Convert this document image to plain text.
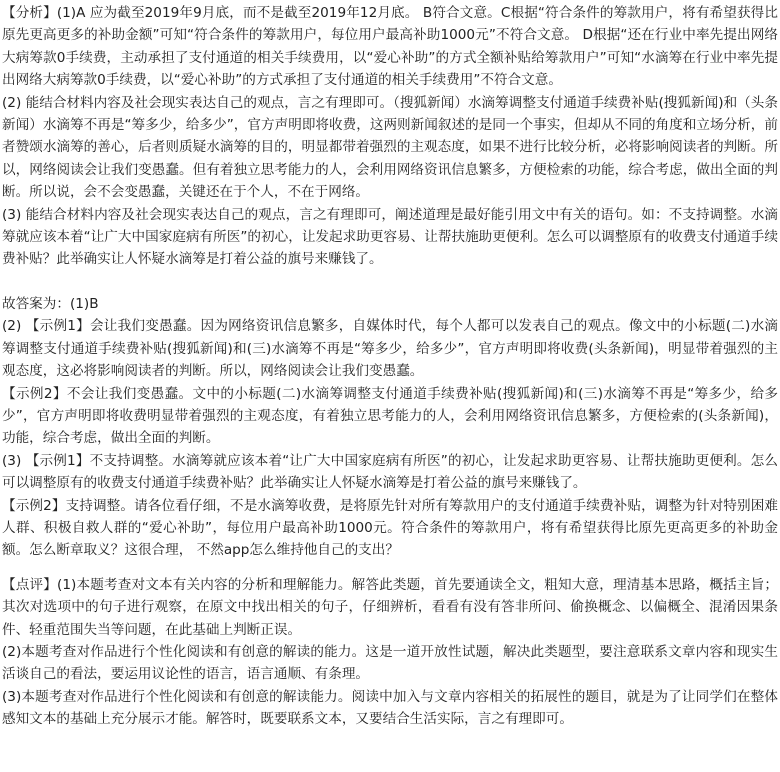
【分析】(1)A 应为截至2019年9月底，而不是截至2019年12月底。 B符合文意。C根据“符合条件的筹款用户，将有希望获得比原先更高更多的补助金额”可知“符合条件的筹款用户，每位用户最高补助1000元”不符合文意。 D根据“还在行业中率先提出网络大病筹款0手续费，主动承担了支付通道的相关手续费用，以“爱心补助”的方式全额补贴给筹款用户”可知“水滴筹在行业中率先提出网络大病筹款0手续费，以“爱心补助”的方式承担了支付通道的相关手续费用”不符合文意。

(2) 能结合材料内容及社会现实表达自己的观点，言之有理即可。（搜狐新闻）水滴筹调整支付通道手续费补贴(搜狐新闻)和（头条新闻）水滴筹不再是“筹多少，给多少”，官方声明即将收费，这两则新闻叙述的是同一个事实，但却从不同的角度和立场分析，前者赞颂水滴筹的善心，后者则质疑水滴筹的目的，明显都带着强烈的主观态度，如果不进行比较分析，必将影响阅读者的判断。所以，网络阅读会让我们变愚蠢。但有着独立思考能力的人，会利用网络资讯信息繁多，方便检索的功能，综合考虑，做出全面的判断。所以说，会不会变愚蠢，关键还在于个人，不在于网络。

(3) 能结合材料内容及社会现实表达自己的观点，言之有理即可，阐述道理是最好能引用文中有关的语句。如：不支持调整。水滴筹就应该本着“让广大中国家庭病有所医”的初心，让发起求助更容易、让帮扶施助更便利。怎么可以调整原有的收费支付通道手续费补贴？此举确实让人怀疑水滴筹是打着公益的旗号来赚钱了。

故答案为：(1)B

(2) 【示例1】会让我们变愚蠢。因为网络资讯信息繁多，自媒体时代，每个人都可以发表自己的观点。像文中的小标题(二)水滴筹调整支付通道手续费补贴(搜狐新闻)和(三)水滴筹不再是“筹多少，给多少”，官方声明即将收费(头条新闻)，明显带着强烈的主观态度，这必将影响阅读者的判断。所以，网络阅读会让我们变愚蠢。

【示例2】不会让我们变愚蠢。文中的小标题(二)水滴筹调整支付通道手续费补贴(搜狐新闻)和(三)水滴筹不再是“筹多少，给多少”，官方声明即将收费明显带着强烈的主观态度，有着独立思考能力的人，会利用网络资讯信息繁多，方便检索的(头条新闻)，功能，综合考虑，做出全面的判断。

(3) 【示例1】不支持调整。水滴筹就应该本着“让广大中国家庭病有所医”的初心，让发起求助更容易、让帮扶施助更便利。怎么可以调整原有的收费支付通道手续费补贴？此举确实让人怀疑水滴筹是打着公益的旗号来赚钱了。

【示例2】支持调整。请各位看仔细，不是水滴筹收费，是将原先针对所有筹款用户的支付通道手续费补贴，调整为针对特别困难人群、积极自救人群的“爱心补助”，每位用户最高补助1000元。符合条件的筹款用户，将有希望获得比原先更高更多的补助金额。怎么断章取义？这很合理， 不然app怎么维持他自己的支出？

【点评】(1)本题考查对文本有关内容的分析和理解能力。解答此类题，首先要通读全文，粗知大意，理清基本思路，概括主旨；其次对选项中的句子进行观察，在原文中找出相关的句子，仔细辨析，看看有没有答非所问、偷换概念、以偏概全、混淆因果条件、轻重范围失当等问题，在此基础上判断正误。

(2)本题考查对作品进行个性化阅读和有创意的解读的能力。这是一道开放性试题，解决此类题型，要注意联系文章内容和现实生活谈自己的看法，要运用议论性的语言，语言通顺、有条理。

(3)本题考查对作品进行个性化阅读和有创意的解读能力。阅读中加入与文章内容相关的拓展性的题目，就是为了让同学们在整体感知文本的基础上充分展示才能。解答时，既要联系文本，又要结合生活实际，言之有理即可。
